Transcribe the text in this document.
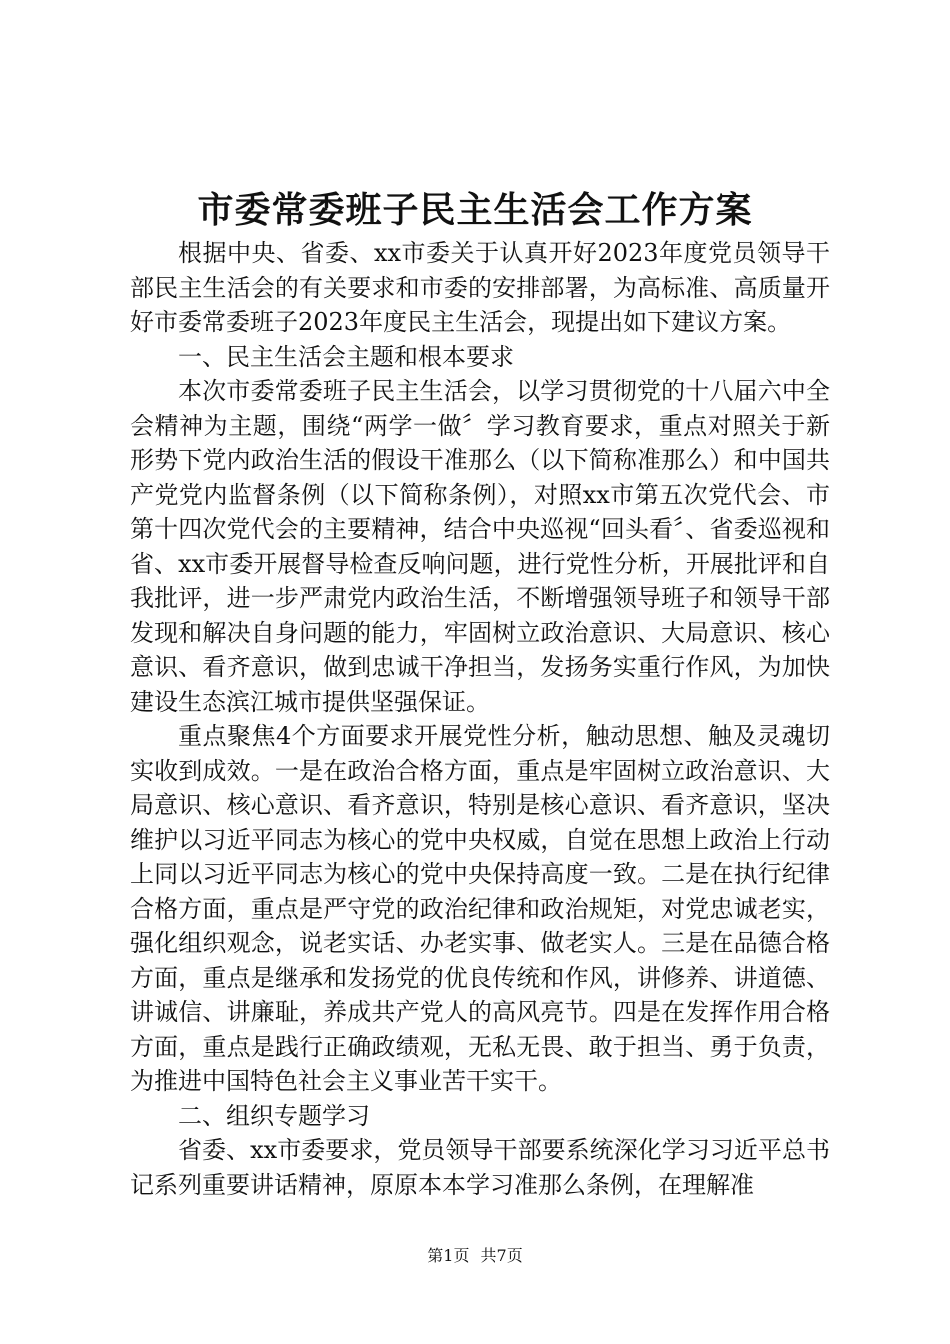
市委常委班子民主生活会工作方案

根据中央、省委、xx市委关于认真开好2023年度党员领导干部民主生活会的有关要求和市委的安排部署，为高标准、高质量开好市委常委班子2023年度民主生活会，现提出如下建议方案。

一、民主生活会主题和根本要求

本次市委常委班子民主生活会，以学习贯彻党的十八届六中全会精神为主题，围绕“两学一做〞学习教育要求，重点对照关于新形势下党内政治生活的假设干准那么（以下简称准那么）和中国共产党党内监督条例（以下简称条例），对照xx市第五次党代会、市第十四次党代会的主要精神，结合中央巡视“回头看〞、省委巡视和省、xx市委开展督导检查反响问题，进行党性分析，开展批评和自我批评，进一步严肃党内政治生活，不断增强领导班子和领导干部发现和解决自身问题的能力，牢固树立政治意识、大局意识、核心意识、看齐意识，做到忠诚干净担当，发扬务实重行作风，为加快建设生态滨江城市提供坚强保证。

重点聚焦4个方面要求开展党性分析，触动思想、触及灵魂切实收到成效。一是在政治合格方面，重点是牢固树立政治意识、大局意识、核心意识、看齐意识，特别是核心意识、看齐意识，坚决维护以习近平同志为核心的党中央权威，自觉在思想上政治上行动上同以习近平同志为核心的党中央保持高度一致。二是在执行纪律合格方面，重点是严守党的政治纪律和政治规矩，对党忠诚老实，强化组织观念，说老实话、办老实事、做老实人。三是在品德合格方面，重点是继承和发扬党的优良传统和作风，讲修养、讲道德、讲诚信、讲廉耻，养成共产党人的高风亮节。四是在发挥作用合格方面，重点是践行正确政绩观，无私无畏、敢于担当、勇于负责，为推进中国特色社会主义事业苦干实干。

二、组织专题学习

省委、xx市委要求，党员领导干部要系统深化学习习近平总书记系列重要讲话精神，原原本本学习准那么条例，在理解准

第1页 共7页
